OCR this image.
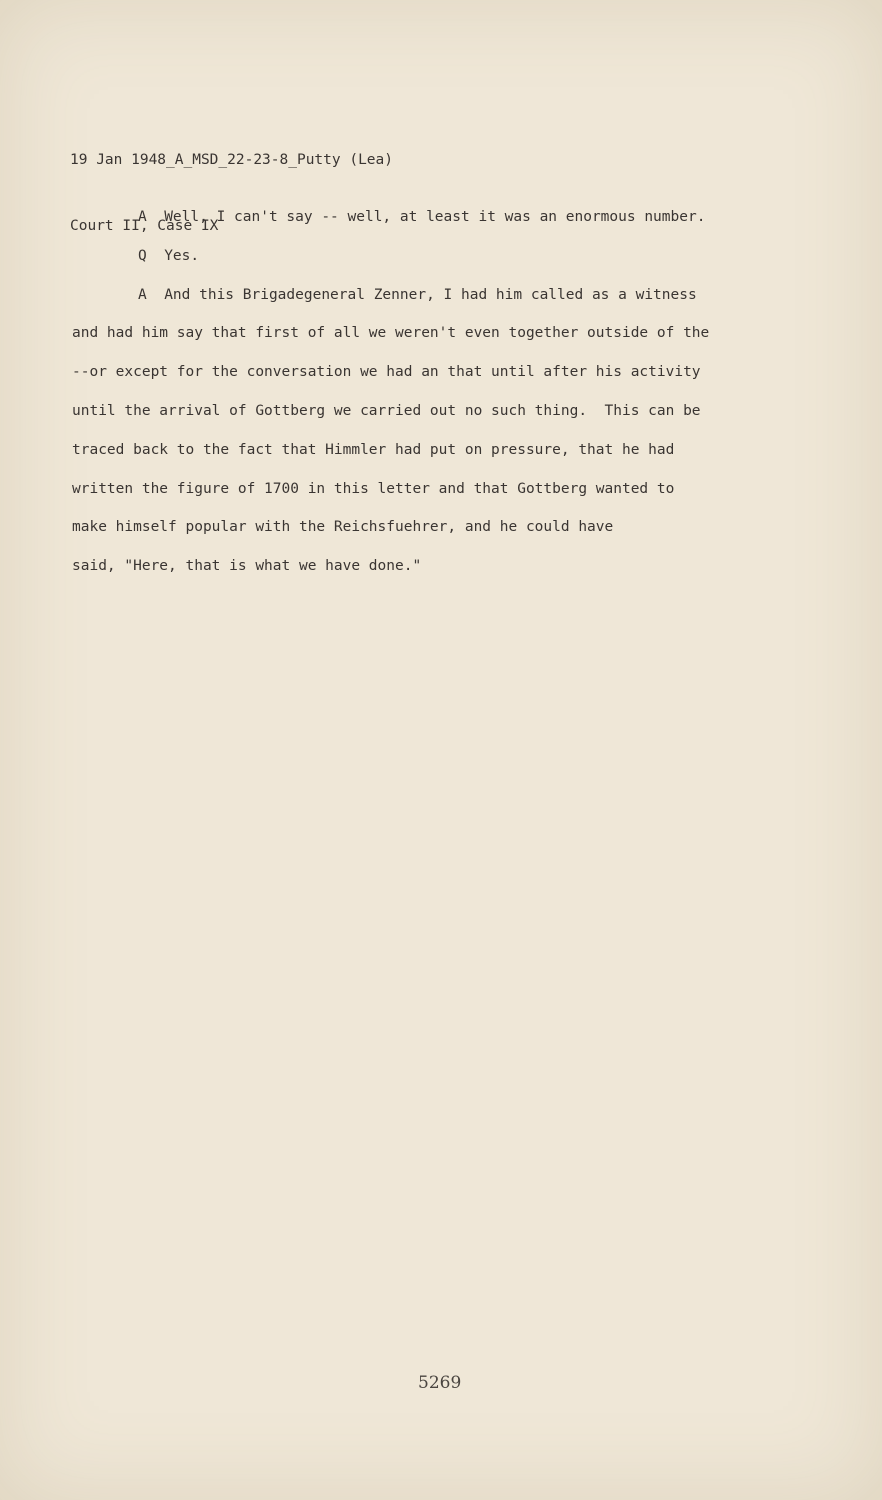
19 Jan 1948_A_MSD_22-23-8_Putty (Lea)

Court II, Case IX

A  Well, I can't say -- well, at least it was an enormous number.

Q  Yes.

A  And this Brigadegeneral Zenner, I had him called as a witness

and had him say that first of all we weren't even together outside of the

--or except for the conversation we had an that until after his activity

until the arrival of Gottberg we carried out no such thing.  This can be

traced back to the fact that Himmler had put on pressure, that he had

written the figure of 1700 in this letter and that Gottberg wanted to

make himself popular with the Reichsfuehrer, and he could have

said, "Here, that is what we have done."

5269
